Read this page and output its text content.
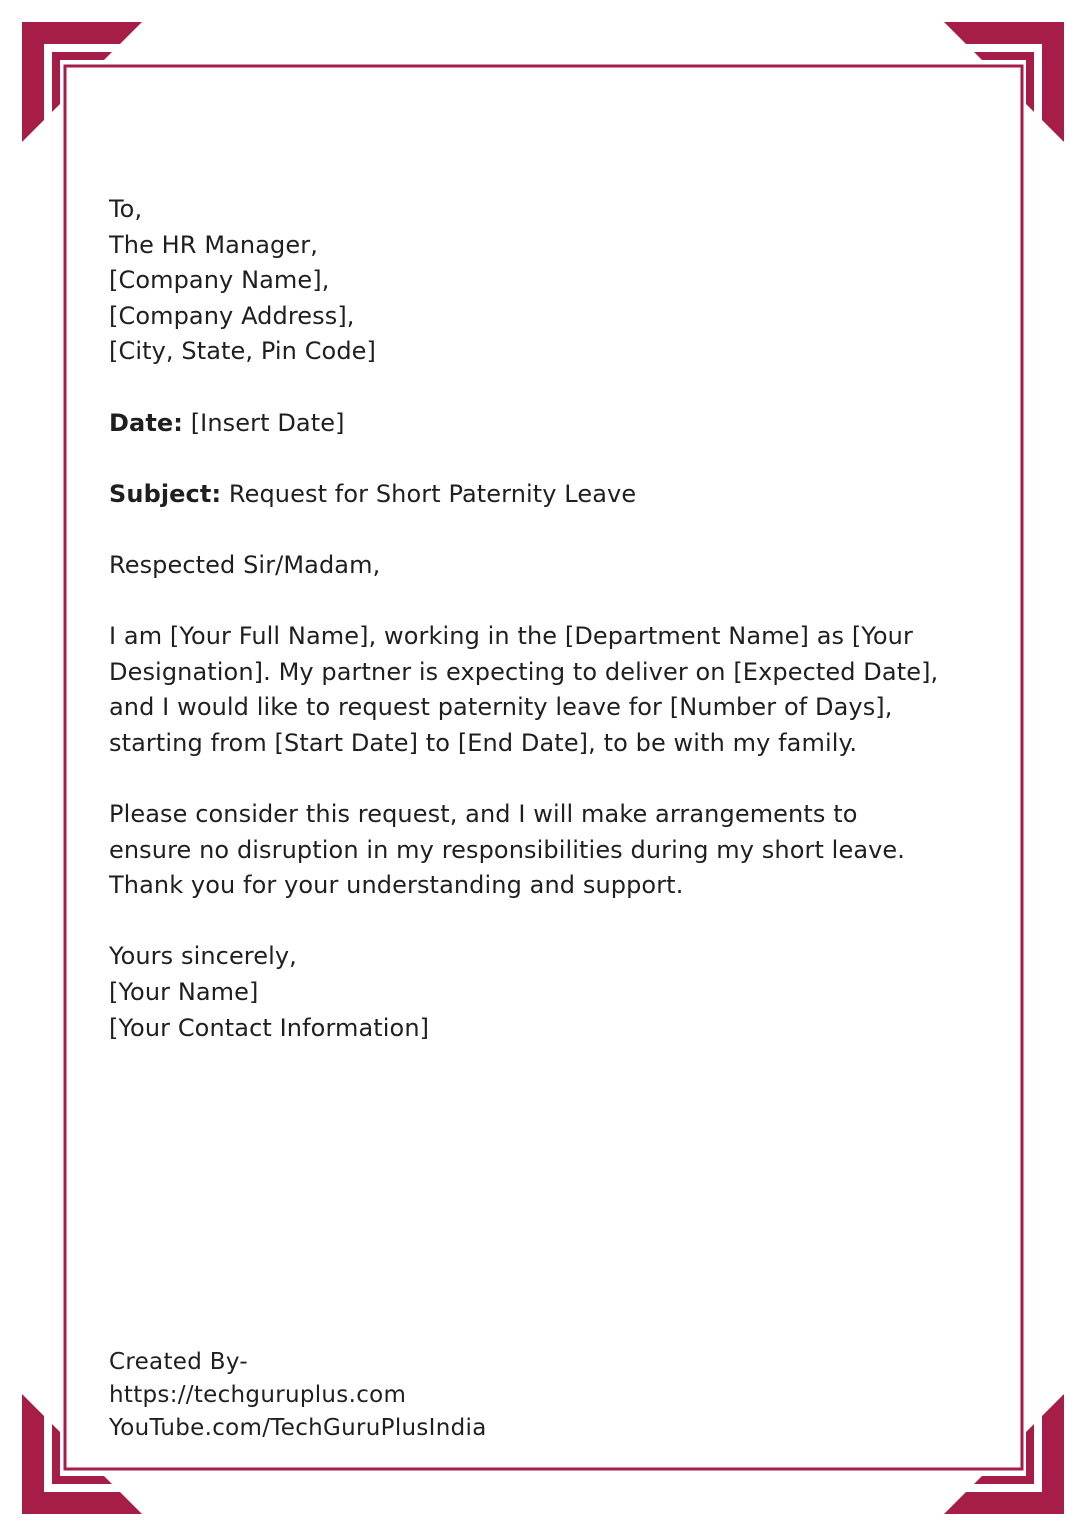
To,
The HR Manager,
[Company Name],
[Company Address],
[City, State, Pin Code]
Date: [Insert Date]
Subject: Request for Short Paternity Leave
Respected Sir/Madam,
I am [Your Full Name], working in the [Department Name] as [Your
Designation]. My partner is expecting to deliver on [Expected Date],
and I would like to request paternity leave for [Number of Days],
starting from [Start Date] to [End Date], to be with my family.
Please consider this request, and I will make arrangements to
ensure no disruption in my responsibilities during my short leave.
Thank you for your understanding and support.
Yours sincerely,
[Your Name]
[Your Contact Information]
Created By-
https://techguruplus.com
YouTube.com/TechGuruPlusIndia
